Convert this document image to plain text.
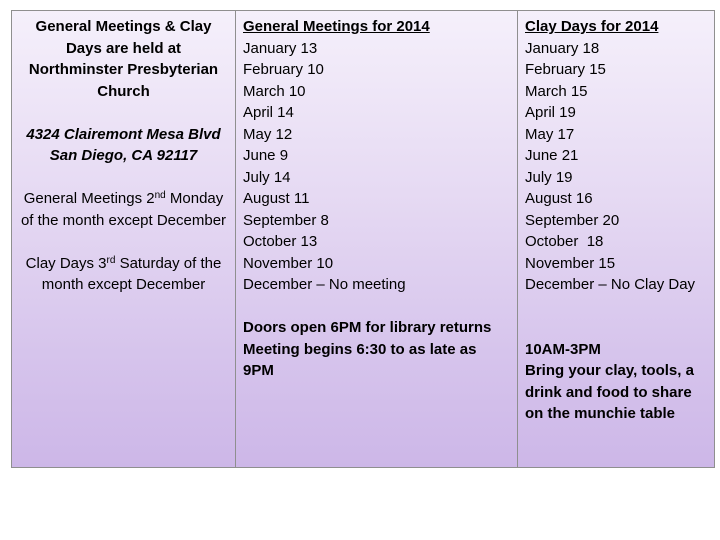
General Meetings & Clay Days are held at Northminster Presbyterian Church
4324 Clairemont Mesa Blvd
San Diego, CA 92117
General Meetings 2nd Monday of the month except December
Clay Days 3rd Saturday of the month except December
General Meetings for 2014
January 13
February 10
March 10
April 14
May 12
June 9
July 14
August 11
September 8
October 13
November 10
December – No meeting
Doors open 6PM for library returns
Meeting begins 6:30 to as late as 9PM
Clay Days for 2014
January 18
February 15
March 15
April 19
May 17
June 21
July 19
August 16
September 20
October  18
November 15
December – No Clay Day
10AM-3PM
Bring your clay, tools, a drink and food to share on the munchie table
